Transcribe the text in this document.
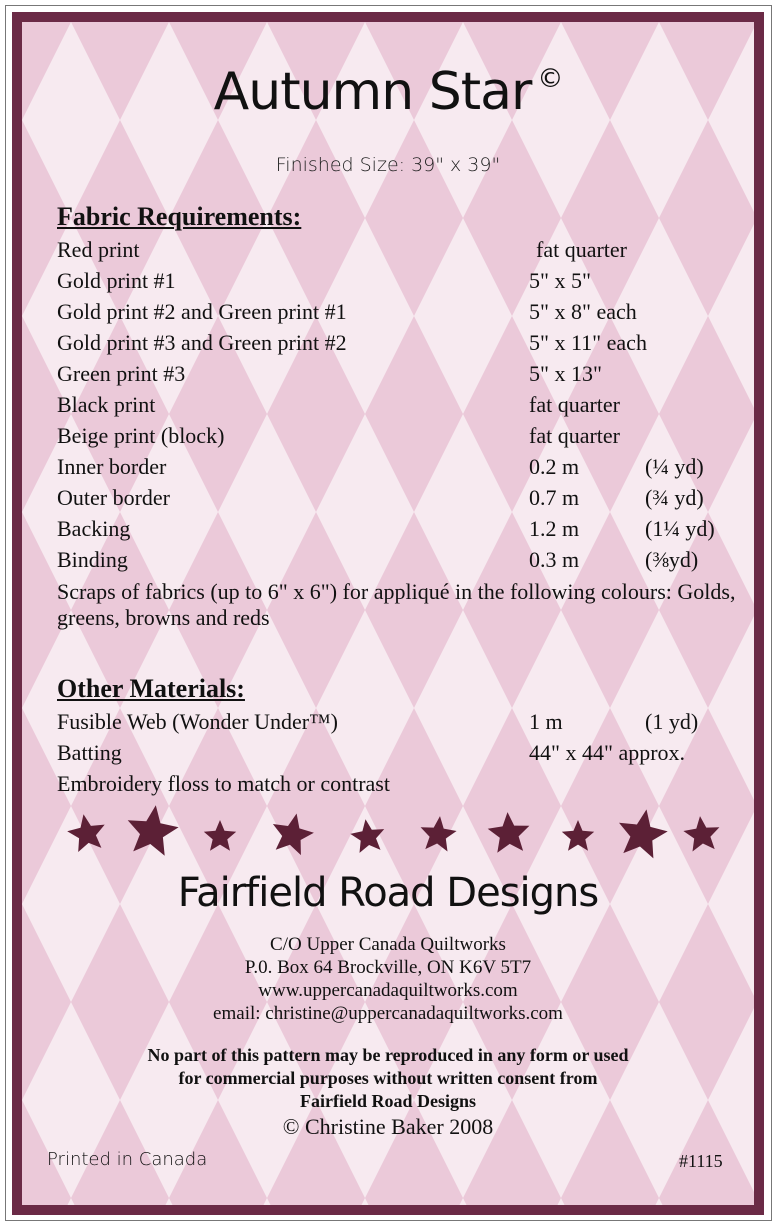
Autumn Star ©
Finished Size: 39" x 39"
Fabric Requirements:
Red print	fat quarter
Gold print #1	5" x 5"
Gold print #2 and Green print #1	5" x 8" each
Gold print #3 and Green print #2	5" x 11" each
Green print #3	5" x 13"
Black print	fat quarter
Beige print (block)	fat quarter
Inner border	0.2 m	(¼ yd)
Outer border	0.7 m	(¾ yd)
Backing	1.2 m	(1¼ yd)
Binding	0.3 m	(⅜yd)
Scraps of fabrics (up to 6" x 6") for appliqué in the following colours: Golds, greens, browns and reds
Other Materials:
Fusible Web (Wonder Under™)	1 m	(1 yd)
Batting	44" x 44" approx.
Embroidery floss to match or contrast
Fairfield Road Designs
C/O Upper Canada Quiltworks
P.0. Box 64 Brockville, ON K6V 5T7
www.uppercanadaquiltworks.com
email: christine@uppercanadaquiltworks.com
No part of this pattern may be reproduced in any form or used
for commercial purposes without written consent from
Fairfield Road Designs
© Christine Baker 2008
Printed in Canada	#1115
